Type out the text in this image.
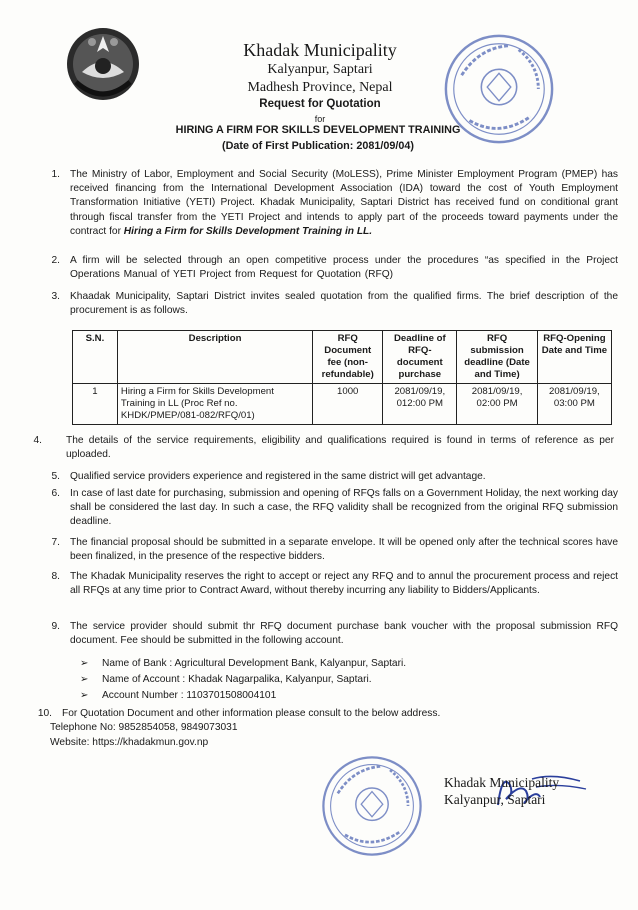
Khadak Municipality
Kalyanpur, Saptari
Madhesh Province, Nepal
Request for Quotation
for
HIRING A FIRM FOR SKILLS DEVELOPMENT TRAINING
(Date of First Publication: 2081/09/04)
1. The Ministry of Labor, Employment and Social Security (MoLESS), Prime Minister Employment Program (PMEP) has received financing from the International Development Association (IDA) toward the cost of Youth Employment Transformation Initiative (YETI) Project. Khadak Municipality, Saptari District has received fund on conditional grant through fiscal transfer from the YETI Project and intends to apply part of the proceeds toward payments under the contract for Hiring a Firm for Skills Development Training in LL.
2. A firm will be selected through an open competitive process under the procedures “as specified in the Project Operations Manual of YETI Project from Request for Quotation (RFQ)
3. Khaadak Municipality, Saptari District invites sealed quotation from the qualified firms. The brief description of the procurement is as follows.
4. The details of the service requirements, eligibility and qualifications required is found in terms of reference as per uploaded.
5. Qualified service providers experience and registered in the same district will get advantage.
6. In case of last date for purchasing, submission and opening of RFQs falls on a Government Holiday, the next working day shall be considered the last day. In such a case, the RFQ validity shall be recognized from the original RFQ submission deadline.
7. The financial proposal should be submitted in a separate envelope. It will be opened only after the technical scores have been finalized, in the presence of the respective bidders.
8. The Khadak Municipality reserves the right to accept or reject any RFQ and to annul the procurement process and reject all RFQs at any time prior to Contract Award, without thereby incurring any liability to Bidders/Applicants.
9. The service provider should submit thr RFQ document purchase bank voucher with the proposal submission RFQ document. Fee should be submitted in the following account.
10. For Quotation Document and other information please consult to the below address.
S.N.	Description	RFQ Document fee (non-refundable)	Deadline of RFQ-document purchase	RFQ submission deadline (Date and Time)	RFQ-Opening Date and Time
1	Hiring a Firm for Skills Development Training in LL (Proc Ref no. KHDK/PMEP/081-082/RFQ/01)	1000	2081/09/19, 012:00 PM	2081/09/19, 02:00 PM	2081/09/19, 03:00 PM
➢ Name of Bank : Agricultural Development Bank, Kalyanpur, Saptari.
➢ Name of Account : Khadak Nagarpalika, Kalyanpur, Saptari.
➢ Account Number : 1103701508004101
Telephone No: 9852854058, 9849073031
Website: https://khadakmun.gov.np
Khadak Municipality
Kalyanpur, Saptari
